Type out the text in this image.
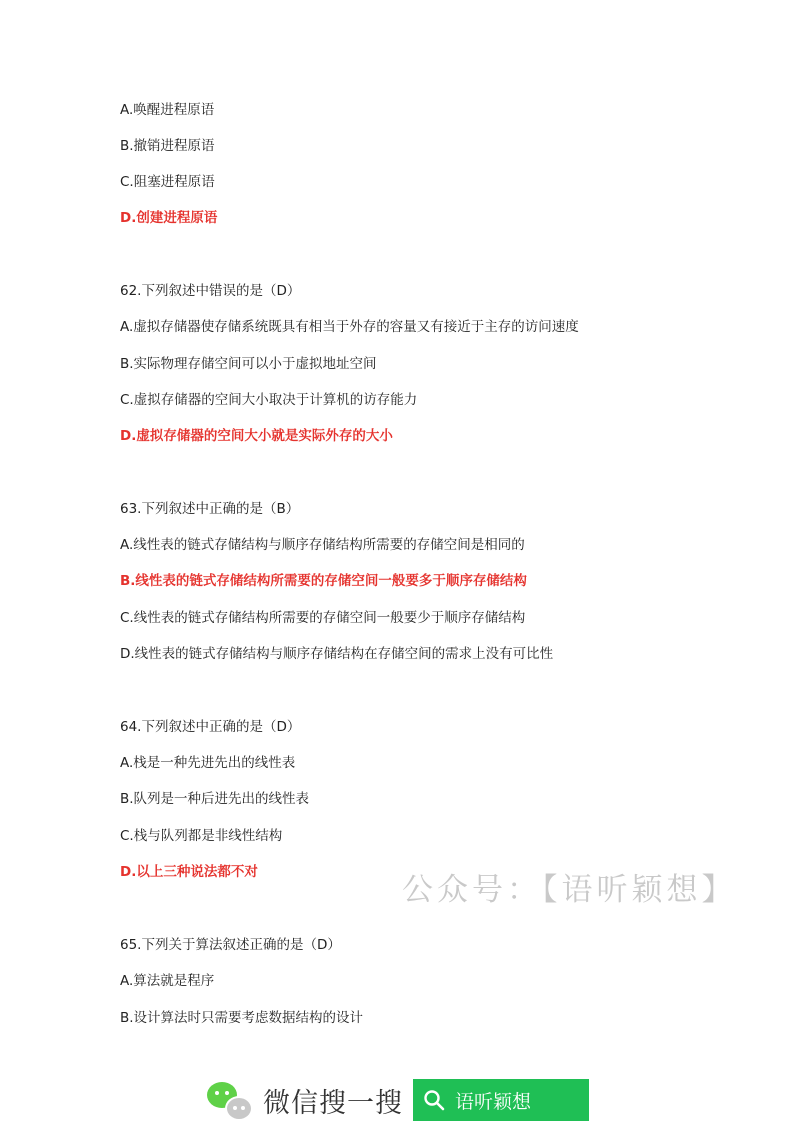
A.唤醒进程原语
B.撤销进程原语
C.阻塞进程原语
D.创建进程原语
62.下列叙述中错误的是（D）
A.虚拟存储器使存储系统既具有相当于外存的容量又有接近于主存的访问速度
B.实际物理存储空间可以小于虚拟地址空间
C.虚拟存储器的空间大小取决于计算机的访存能力
D.虚拟存储器的空间大小就是实际外存的大小
63.下列叙述中正确的是（B）
A.线性表的链式存储结构与顺序存储结构所需要的存储空间是相同的
B.线性表的链式存储结构所需要的存储空间一般要多于顺序存储结构
C.线性表的链式存储结构所需要的存储空间一般要少于顺序存储结构
D.线性表的链式存储结构与顺序存储结构在存储空间的需求上没有可比性
64.下列叙述中正确的是（D）
A.栈是一种先进先出的线性表
B.队列是一种后进先出的线性表
C.栈与队列都是非线性结构
D.以上三种说法都不对	公众号：【语听颖想】
65.下列关于算法叙述正确的是（D）
A.算法就是程序
B.设计算法时只需要考虑数据结构的设计
微信搜一搜	语听颖想
